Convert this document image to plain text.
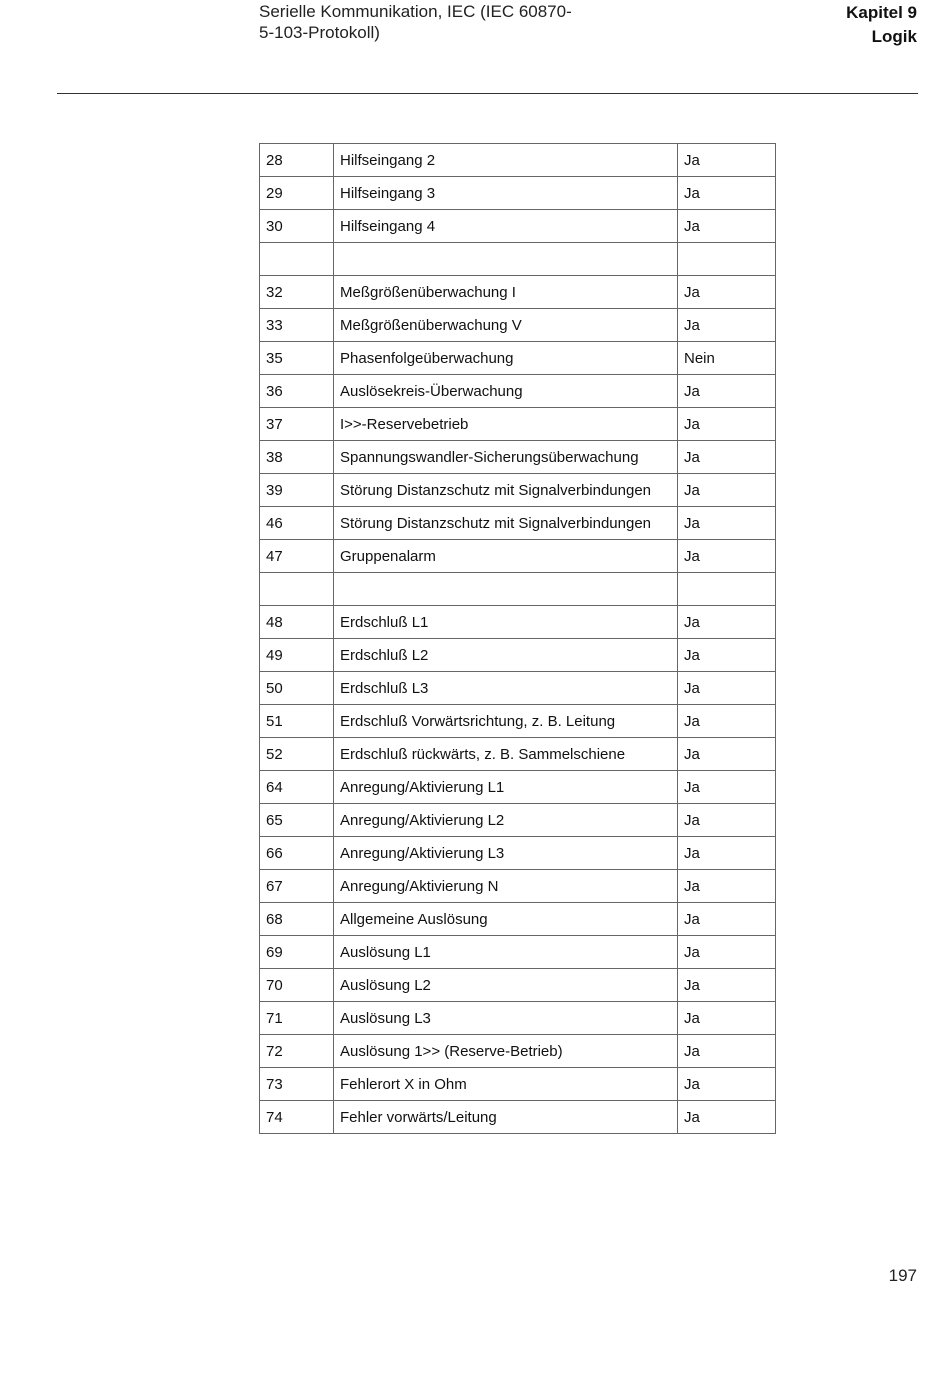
Serielle Kommunikation, IEC (IEC 60870-
5-103-Protokoll)
Kapitel 9
Logik
28	Hilfseingang 2	Ja
29	Hilfseingang 3	Ja
30	Hilfseingang 4	Ja

32	Meßgrößenüberwachung I	Ja
33	Meßgrößenüberwachung V	Ja
35	Phasenfolgeüberwachung	Nein
36	Auslösekreis-Überwachung	Ja
37	I>>-Reservebetrieb	Ja
38	Spannungswandler-Sicherungsüberwachung	Ja
39	Störung Distanzschutz mit Signalverbindungen	Ja
46	Störung Distanzschutz mit Signalverbindungen	Ja
47	Gruppenalarm	Ja

48	Erdschluß L1	Ja
49	Erdschluß L2	Ja
50	Erdschluß L3	Ja
51	Erdschluß Vorwärtsrichtung, z. B. Leitung	Ja
52	Erdschluß rückwärts, z. B. Sammelschiene	Ja
64	Anregung/Aktivierung L1	Ja
65	Anregung/Aktivierung L2	Ja
66	Anregung/Aktivierung L3	Ja
67	Anregung/Aktivierung N	Ja
68	Allgemeine Auslösung	Ja
69	Auslösung L1	Ja
70	Auslösung L2	Ja
71	Auslösung L3	Ja
72	Auslösung 1>> (Reserve-Betrieb)	Ja
73	Fehlerort X in Ohm	Ja
74	Fehler vorwärts/Leitung	Ja
197
